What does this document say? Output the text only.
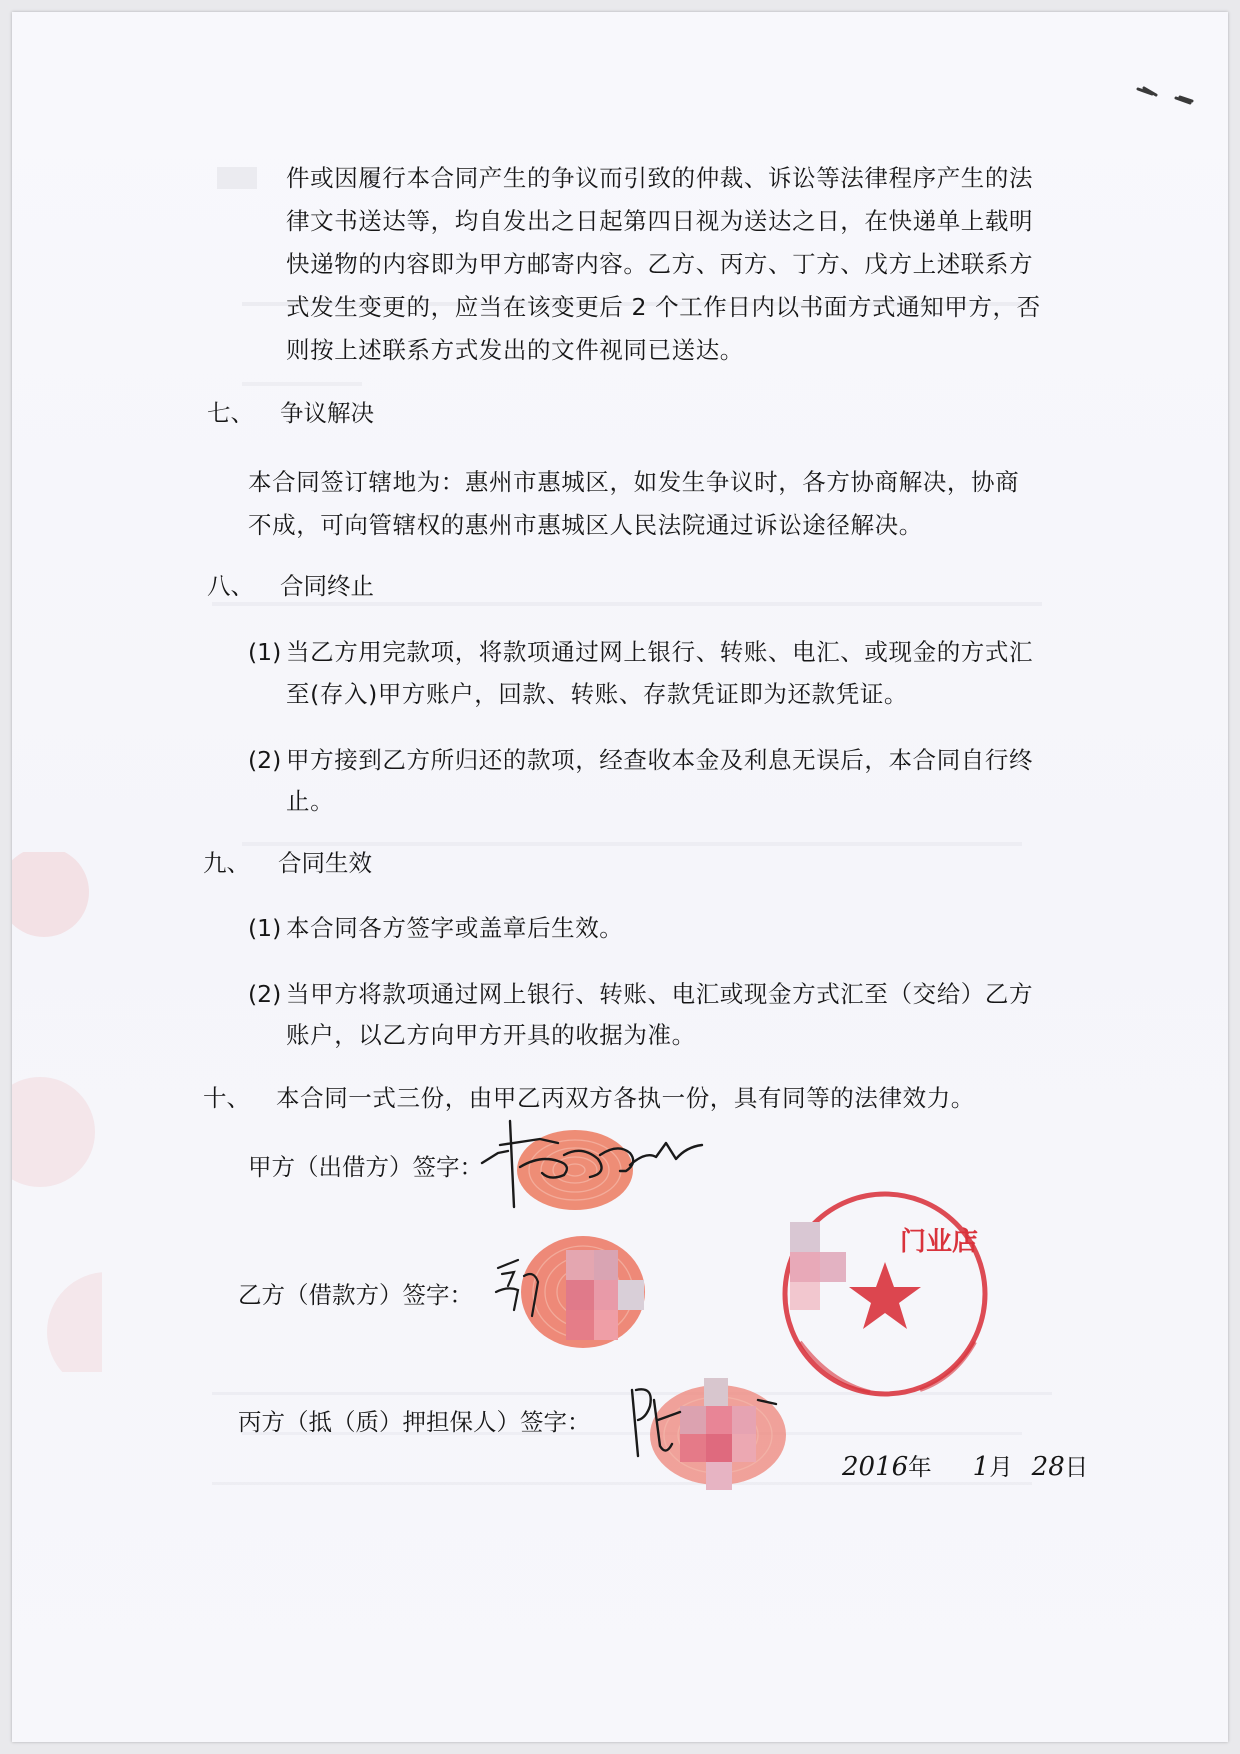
件或因履行本合同产生的争议而引致的仲裁、诉讼等法律程序产生的法
律文书送达等，均自发出之日起第四日视为送达之日，在快递单上载明
快递物的内容即为甲方邮寄内容。乙方、丙方、丁方、戊方上述联系方
式发生变更的，应当在该变更后 2 个工作日内以书面方式通知甲方，否
则按上述联系方式发出的文件视同已送达。
七、 争议解决
本合同签订辖地为：惠州市惠城区，如发生争议时，各方协商解决，协商
不成，可向管辖权的惠州市惠城区人民法院通过诉讼途径解决。
八、 合同终止
(1) 当乙方用完款项，将款项通过网上银行、转账、电汇、或现金的方式汇
至(存入)甲方账户，回款、转账、存款凭证即为还款凭证。
(2) 甲方接到乙方所归还的款项，经查收本金及利息无误后，本合同自行终
止。
九、 合同生效
(1) 本合同各方签字或盖章后生效。
(2) 当甲方将款项通过网上银行、转账、电汇或现金方式汇至（交给）乙方
账户，以乙方向甲方开具的收据为准。
十、 本合同一式三份，由甲乙丙双方各执一份，具有同等的法律效力。
甲方（出借方）签字：
乙方（借款方）签字：
丙方（抵（质）押担保人）签字：
门业店
2016年 1月 28日
